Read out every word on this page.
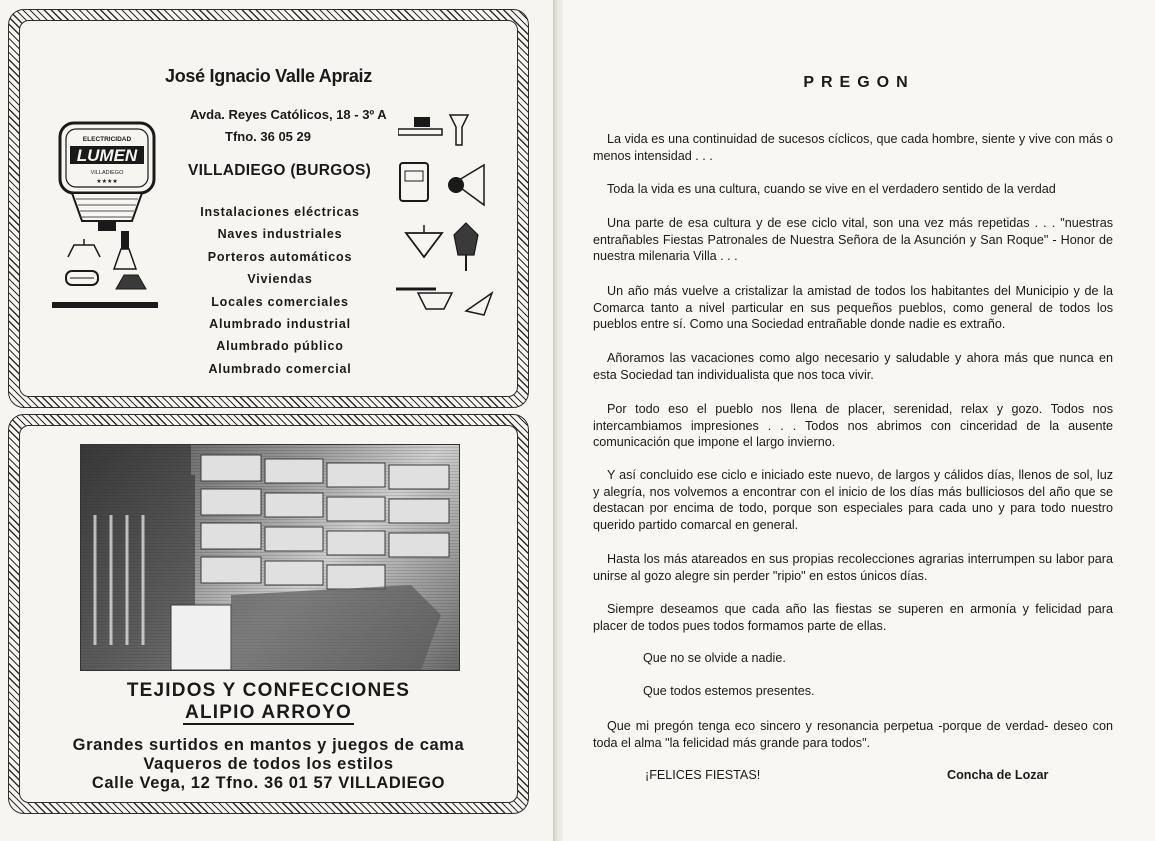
José Ignacio Valle Apraiz
Avda. Reyes Católicos, 18 - 3º A
Tfno. 36 05 29
VILLADIEGO (BURGOS)
ELECTRICIDAD
LUMEN
VILLADIEGO
★★★★
Instalaciones eléctricas
Naves industriales
Porteros automáticos
Viviendas
Locales comerciales
Alumbrado industrial
Alumbrado público
Alumbrado comercial
TEJIDOS Y CONFECCIONES
ALIPIO ARROYO
Grandes surtidos en mantos y juegos de cama
Vaqueros de todos los estilos
Calle Vega, 12 Tfno. 36 01 57 VILLADIEGO
PREGON

La vida es una continuidad de sucesos cíclicos, que cada hombre, siente y vive con más o menos intensidad . . .

Toda la vida es una cultura, cuando se vive en el verdadero sentido de la verdad

Una parte de esa cultura y de ese ciclo vital, son una vez más repetidas . . . "nuestras entrañables Fiestas Patronales de Nuestra Señora de la Asunción y San Roque" - Honor de nuestra milenaria Villa . . .

Un año más vuelve a cristalizar la amistad de todos los habitantes del Municipio y de la Comarca tanto a nivel particular en sus pequeños pueblos, como general de todos los pueblos entre sí. Como una Sociedad entrañable donde nadie es extraño.

Añoramos las vacaciones como algo necesario y saludable y ahora más que nunca en esta Sociedad tan individualista que nos toca vivir.

Por todo eso el pueblo nos llena de placer, serenidad, relax y gozo. Todos nos intercambiamos impresiones . . . Todos nos abrimos con cinceridad de la ausente comunicación que impone el largo invierno.

Y así concluido ese ciclo e iniciado este nuevo, de largos y cálidos días, llenos de sol, luz y alegría, nos volvemos a encontrar con el inicio de los días más bulliciosos del año que se destacan por encima de todo, porque son especiales para cada uno y para todo nuestro querido partido comarcal en general.

Hasta los más atareados en sus propias recolecciones agrarias interrumpen su labor para unirse al gozo alegre sin perder "ripio" en estos únicos días.

Siempre deseamos que cada año las fiestas se superen en armonía y felicidad para placer de todos pues todos formamos parte de ellas.

Que no se olvide a nadie.
Que todos estemos presentes.

Que mi pregón tenga eco sincero y resonancia perpetua -porque de verdad- deseo con toda el alma "la felicidad más grande para todos".

¡FELICES FIESTAS!	Concha de Lozar
